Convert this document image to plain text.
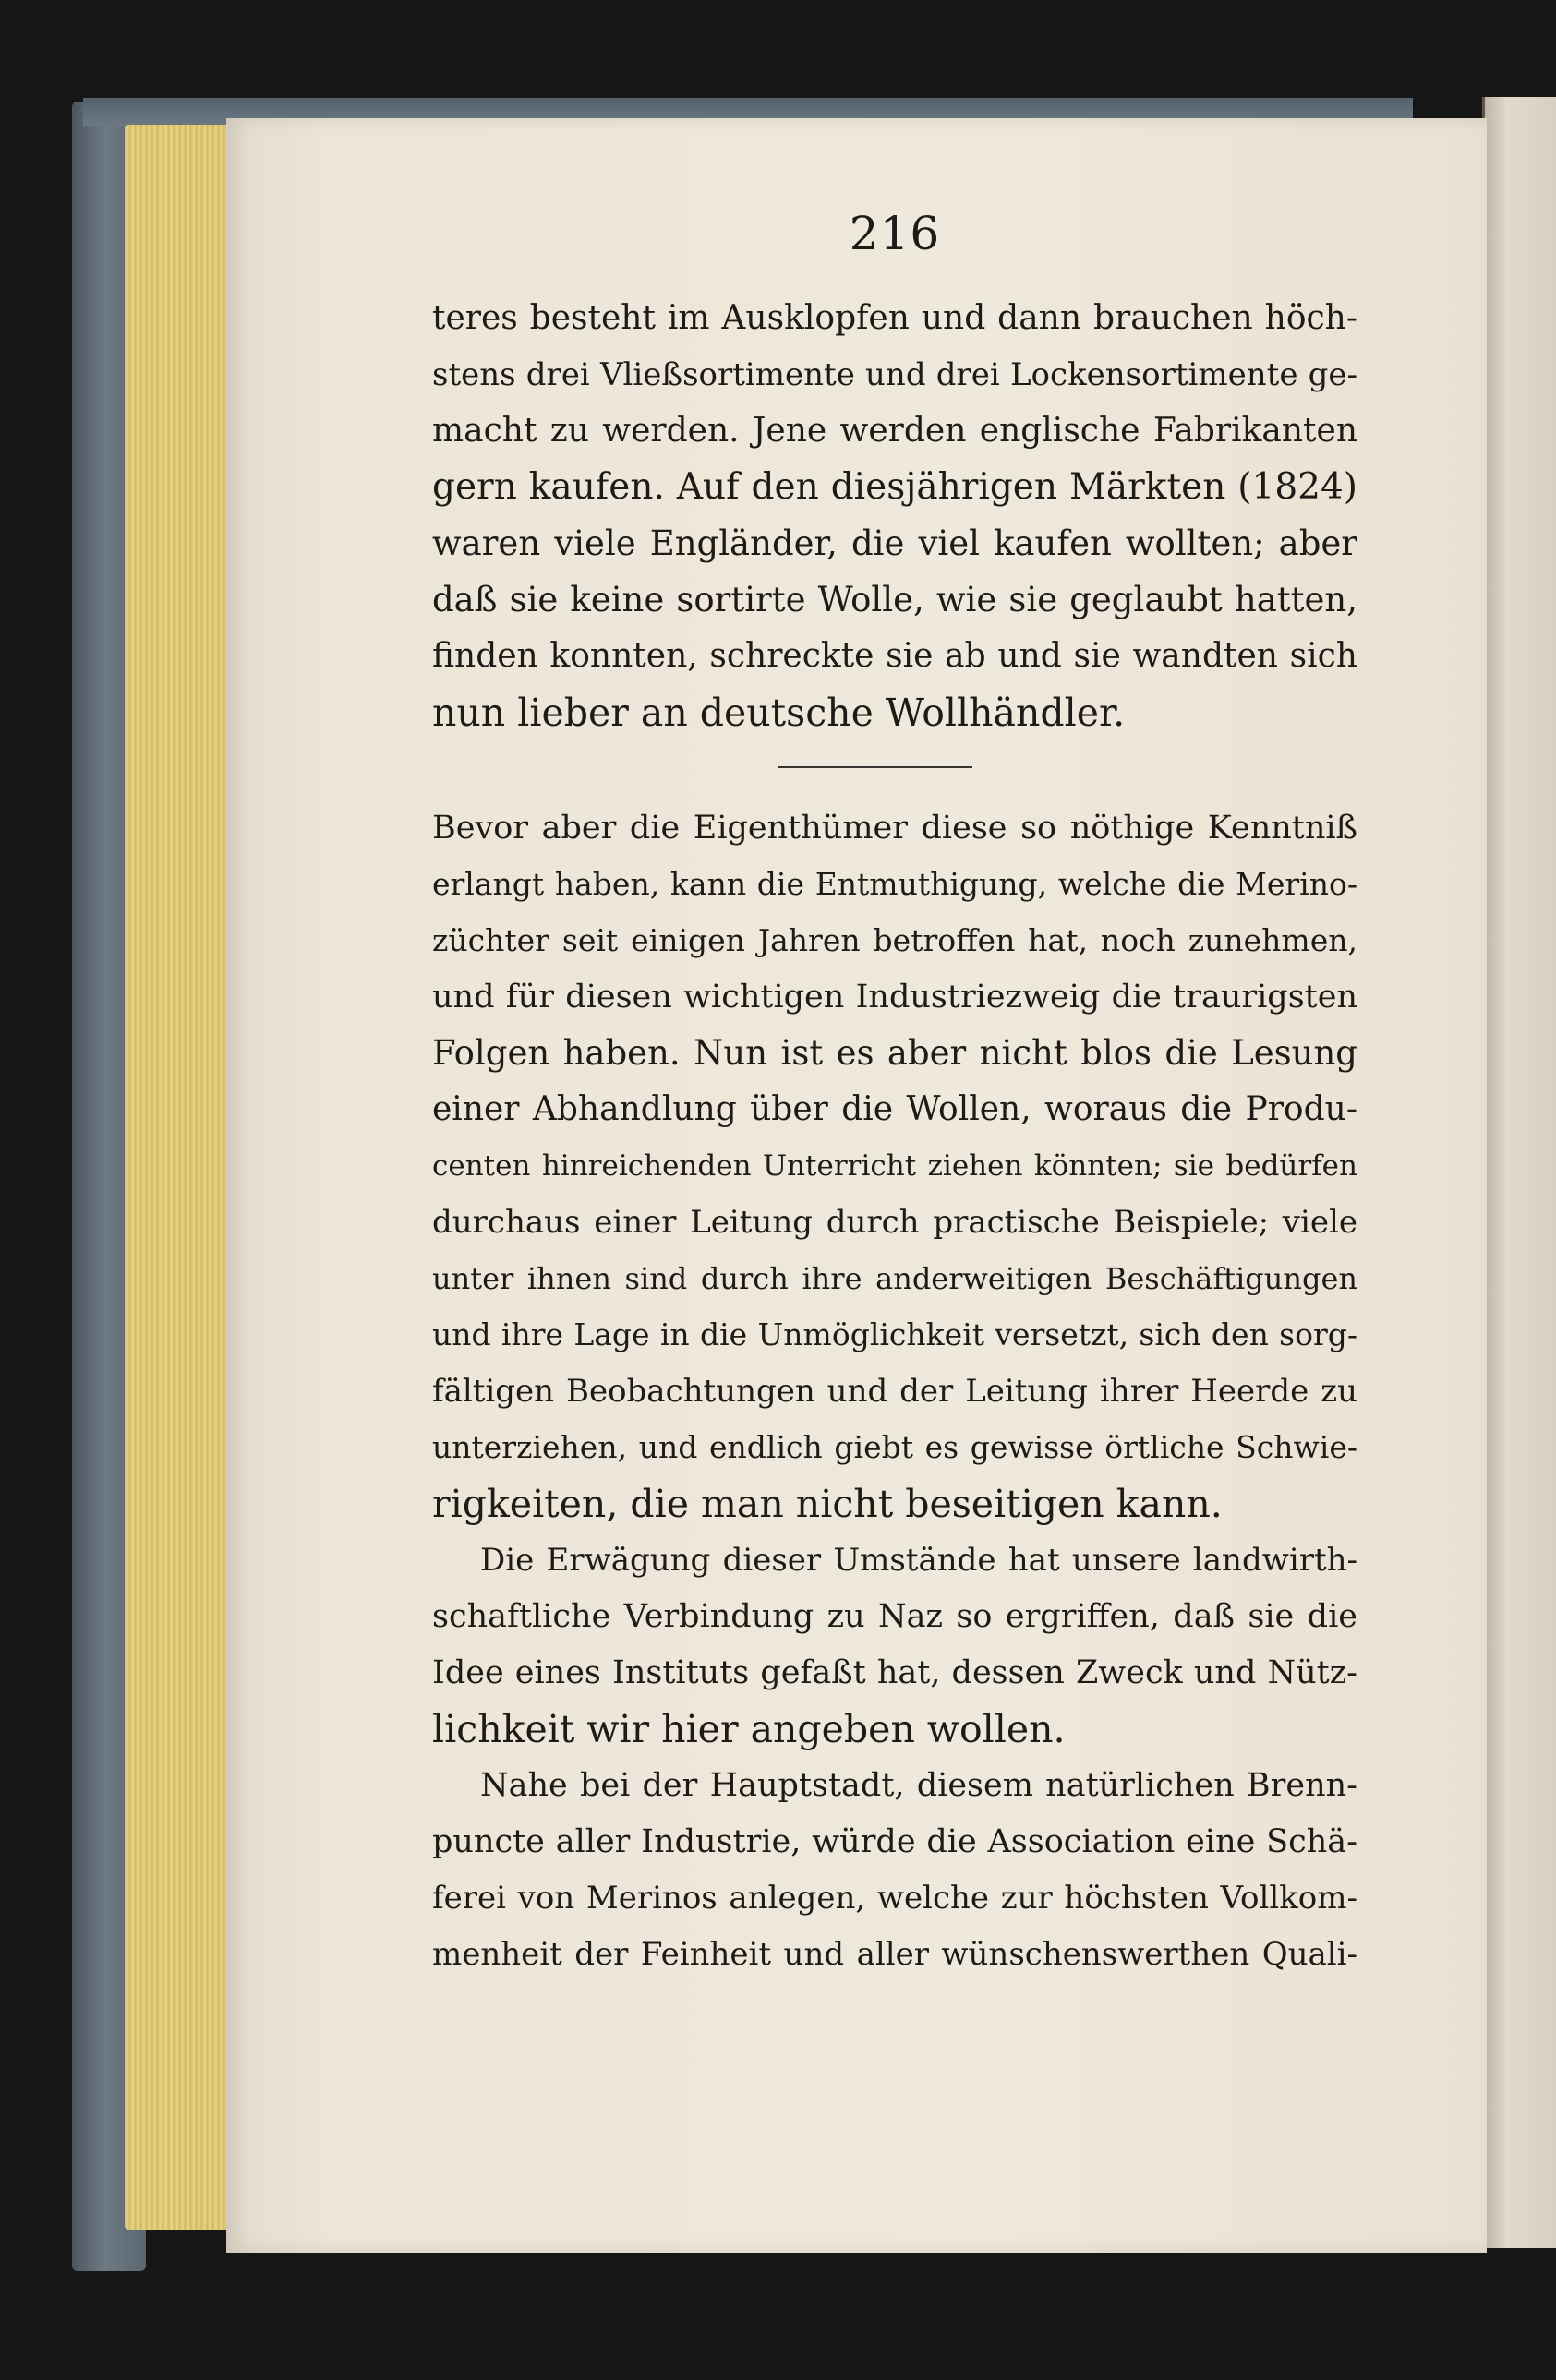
216
teres besteht im Ausklopfen und dann brauchen höch-
stens drei Vließsortimente und drei Lockensortimente ge-
macht zu werden. Jene werden englische Fabrikanten
gern kaufen. Auf den diesjährigen Märkten (1824)
waren viele Engländer, die viel kaufen wollten; aber
daß sie keine sortirte Wolle, wie sie geglaubt hatten,
finden konnten, schreckte sie ab und sie wandten sich
nun lieber an deutsche Wollhändler.
Bevor aber die Eigenthümer diese so nöthige Kenntniß
erlangt haben, kann die Entmuthigung, welche die Merino-
züchter seit einigen Jahren betroffen hat, noch zunehmen,
und für diesen wichtigen Industriezweig die traurigsten
Folgen haben. Nun ist es aber nicht blos die Lesung
einer Abhandlung über die Wollen, woraus die Produ-
centen hinreichenden Unterricht ziehen könnten; sie bedürfen
durchaus einer Leitung durch practische Beispiele; viele
unter ihnen sind durch ihre anderweitigen Beschäftigungen
und ihre Lage in die Unmöglichkeit versetzt, sich den sorg-
fältigen Beobachtungen und der Leitung ihrer Heerde zu
unterziehen, und endlich giebt es gewisse örtliche Schwie-
rigkeiten, die man nicht beseitigen kann.
Die Erwägung dieser Umstände hat unsere landwirth-
schaftliche Verbindung zu Naz so ergriffen, daß sie die
Idee eines Instituts gefaßt hat, dessen Zweck und Nütz-
lichkeit wir hier angeben wollen.
Nahe bei der Hauptstadt, diesem natürlichen Brenn-
puncte aller Industrie, würde die Association eine Schä-
ferei von Merinos anlegen, welche zur höchsten Vollkom-
menheit der Feinheit und aller wünschenswerthen Quali-
